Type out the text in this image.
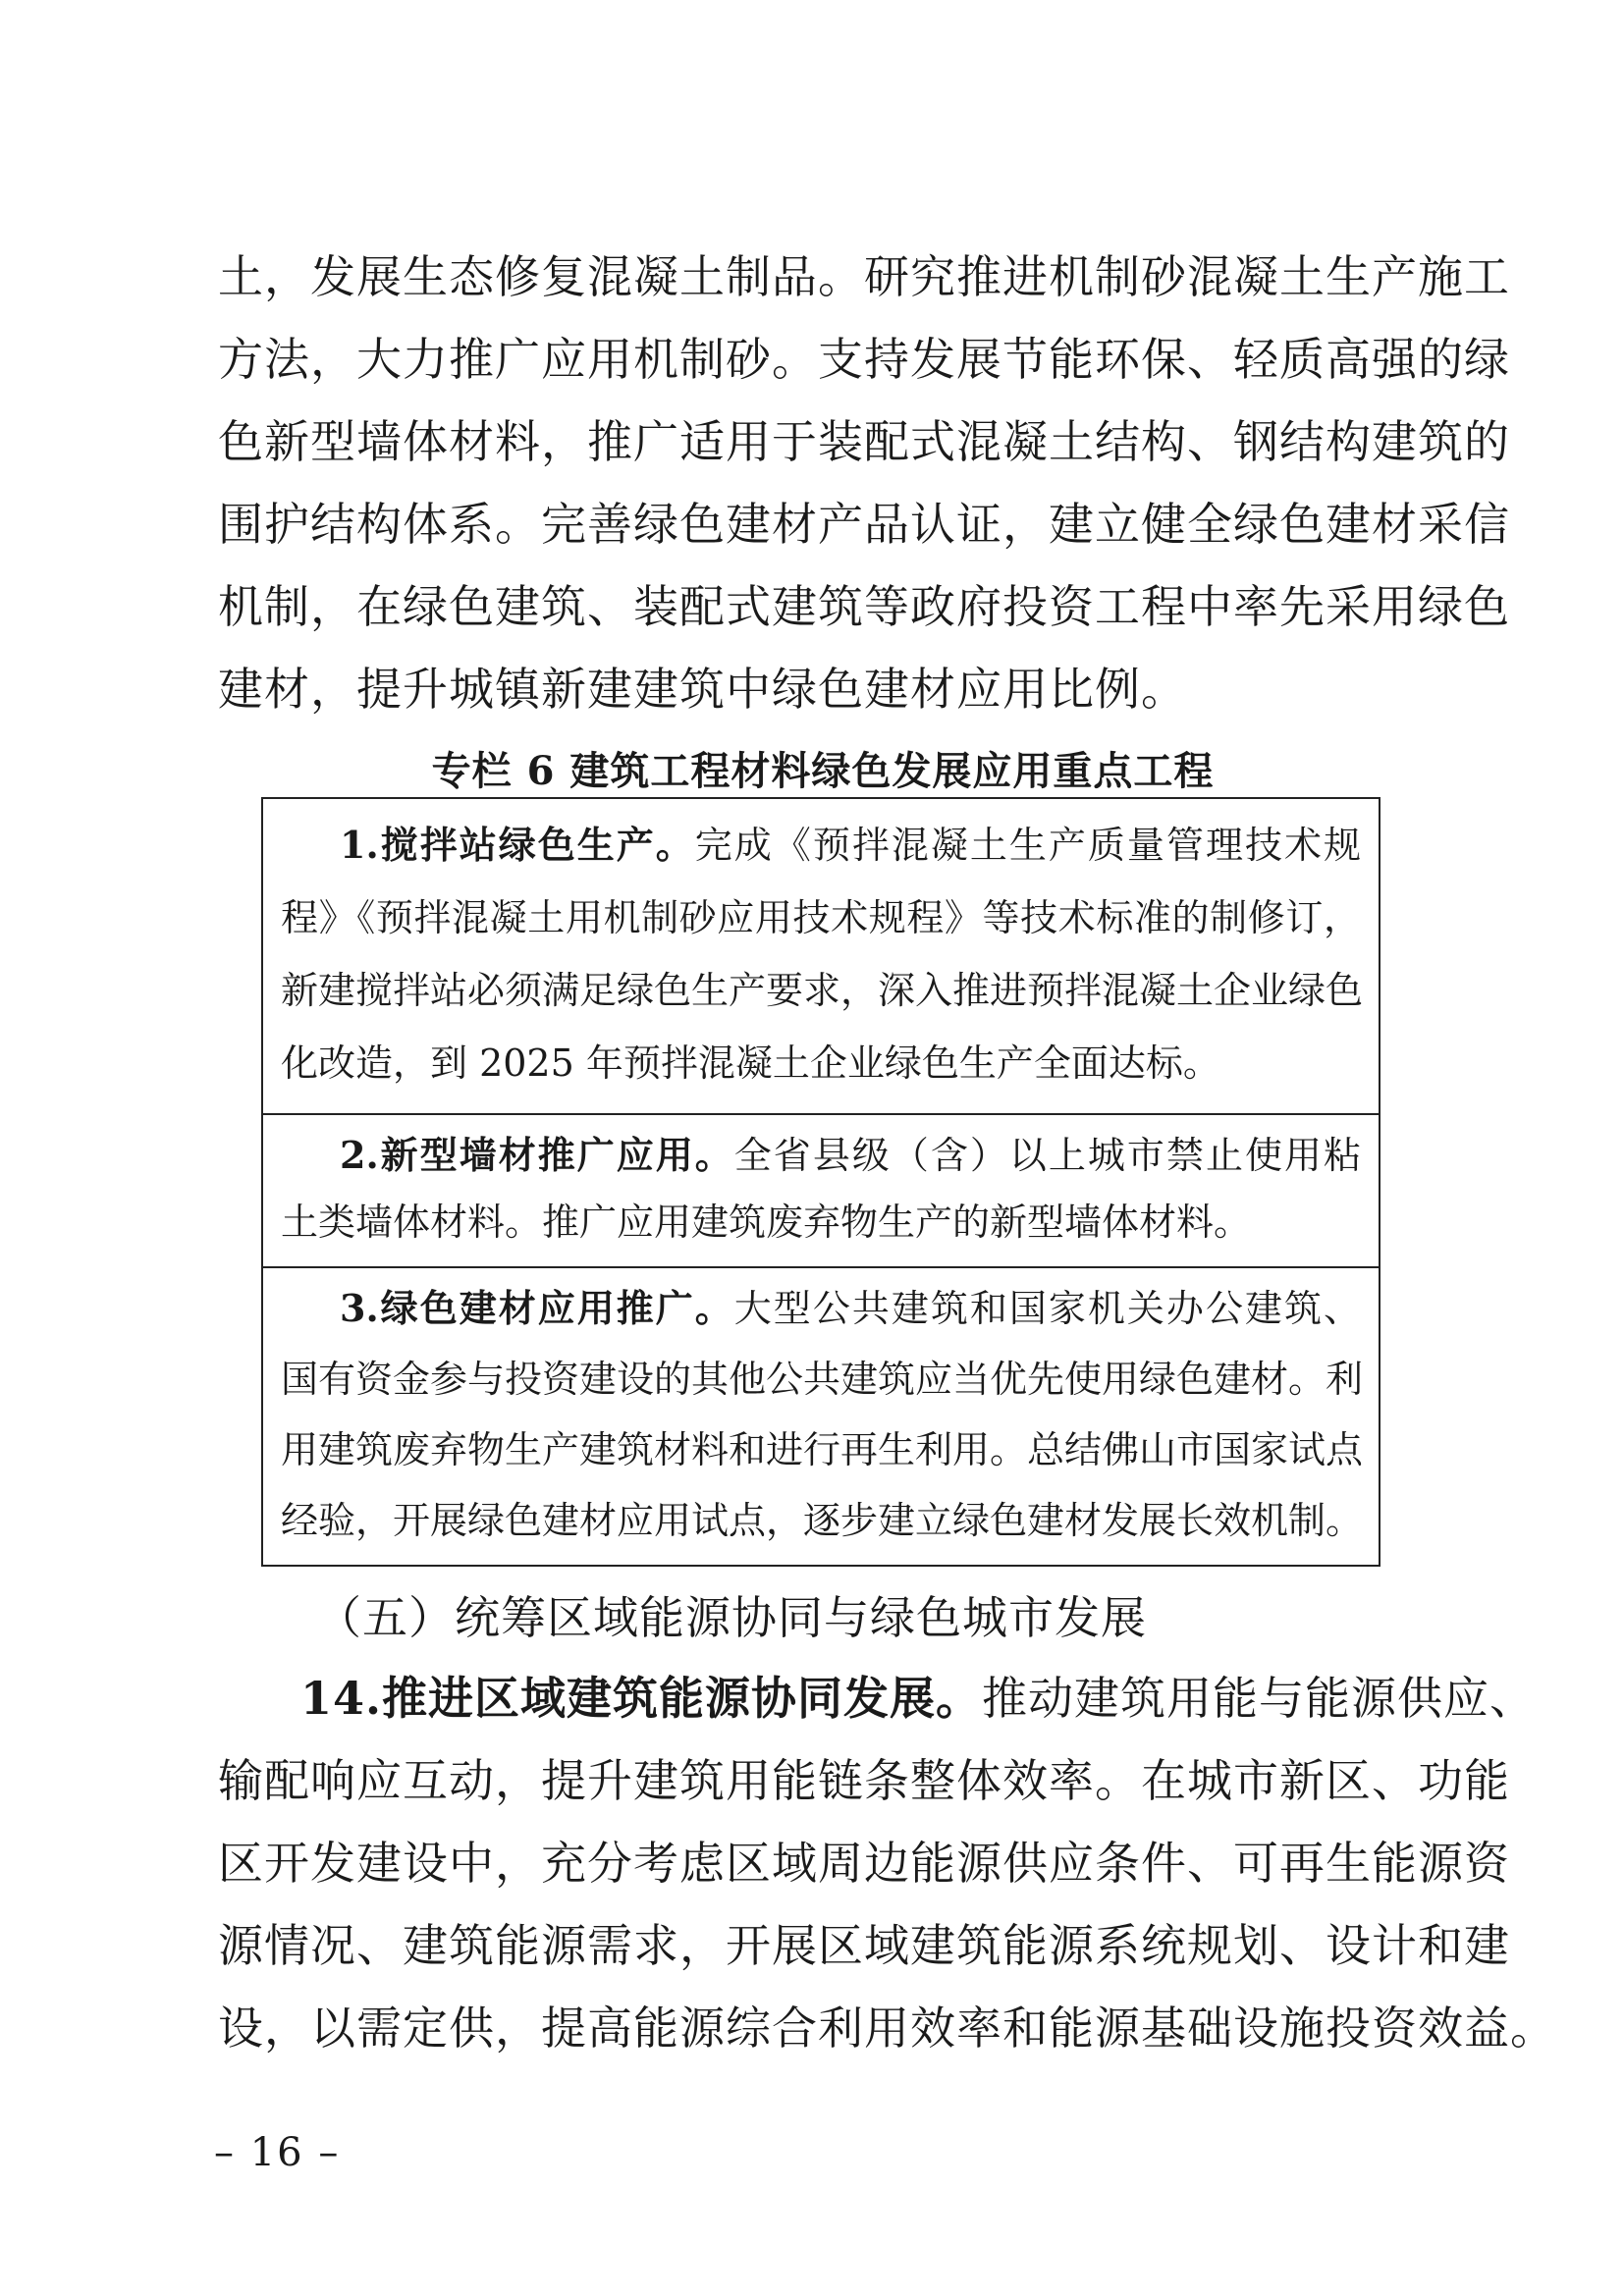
土，发展生态修复混凝土制品。研究推进机制砂混凝土生产施工
方法，大力推广应用机制砂。支持发展节能环保、轻质高强的绿
色新型墙体材料，推广适用于装配式混凝土结构、钢结构建筑的
围护结构体系。完善绿色建材产品认证，建立健全绿色建材采信
机制，在绿色建筑、装配式建筑等政府投资工程中率先采用绿色
建材，提升城镇新建建筑中绿色建材应用比例。
专栏 6 建筑工程材料绿色发展应用重点工程
1.搅拌站绿色生产。完成《预拌混凝土生产质量管理技术规
程》《预拌混凝土用机制砂应用技术规程》等技术标准的制修订，
新建搅拌站必须满足绿色生产要求，深入推进预拌混凝土企业绿色
化改造，到 2025 年预拌混凝土企业绿色生产全面达标。
2.新型墙材推广应用。全省县级（含）以上城市禁止使用粘
土类墙体材料。推广应用建筑废弃物生产的新型墙体材料。
3.绿色建材应用推广。大型公共建筑和国家机关办公建筑、
国有资金参与投资建设的其他公共建筑应当优先使用绿色建材。利
用建筑废弃物生产建筑材料和进行再生利用。总结佛山市国家试点
经验，开展绿色建材应用试点，逐步建立绿色建材发展长效机制。
（五）统筹区域能源协同与绿色城市发展
14.推进区域建筑能源协同发展。推动建筑用能与能源供应、
输配响应互动，提升建筑用能链条整体效率。在城市新区、功能
区开发建设中，充分考虑区域周边能源供应条件、可再生能源资
源情况、建筑能源需求，开展区域建筑能源系统规划、设计和建
设，以需定供，提高能源综合利用效率和能源基础设施投资效益。
– 16 –
